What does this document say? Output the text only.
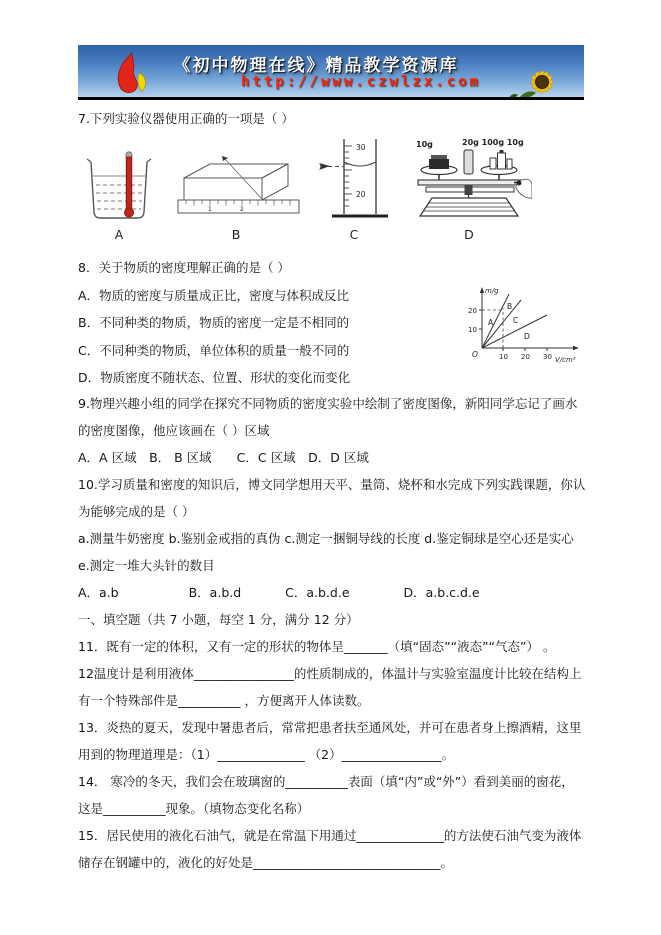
《初中物理在线》精品教学资源库
http://www.czwlzx.com
7.下列实验仪器使用正确的一项是（ ）
A
1	2
B
30
20
C
10g	20g 100g 10g
D

8．关于物质的密度理解正确的是（ ）

A．物质的密度与质量成正比，密度与体积成反比

B．不同种类的物质，物质的密度一定是不相同的

C．不同种类的物质，单位体积的质量一般不同的

D．物质密度不随状态、位置、形状的变化而变化

m/g
V/cm³
O
20
10
10 20 30
A
B
C
D

9.物理兴趣小组的同学在探究不同物质的密度实验中绘制了密度图像，新阳同学忘记了画水的密度图像，他应该画在（ ）区域

A．A 区域　B． B 区域　　C．C 区域　D．D 区域

10.学习质量和密度的知识后，博文同学想用天平、量筒、烧杯和水完成下列实践课题，你认为能够完成的是（ ）

a.测量牛奶密度 b.鉴别金戒指的真伪 c.测定一捆铜导线的长度 d.鉴定铜球是空心还是实心 e.测定一堆大头针的数目

A．a.b	B．a.b.d	C．a.b.d.e	D．a.b.c.d.e

一、填空题（共 7 小题，每空 1 分，满分 12 分）

11．既有一定的体积，又有一定的形状的物体呈_______（填“固态”“液态”“气态”） 。

12温度计是利用液体________________的性质制成的，体温计与实验室温度计比较在结构上有一个特殊部件是__________ ，方便离开人体读数。

13．炎热的夏天，发现中暑患者后，常常把患者扶至通风处，并可在患者身上擦酒精，这里用到的物理道理是：（1）______________ （2）________________。

14． 寒冷的冬天，我们会在玻璃窗的__________表面（填“内”或“外”）看到美丽的窗花，这是__________现象。（填物态变化名称）

15．居民使用的液化石油气，就是在常温下用通过______________的方法使石油气变为液体储存在钢罐中的，液化的好处是______________________________。
